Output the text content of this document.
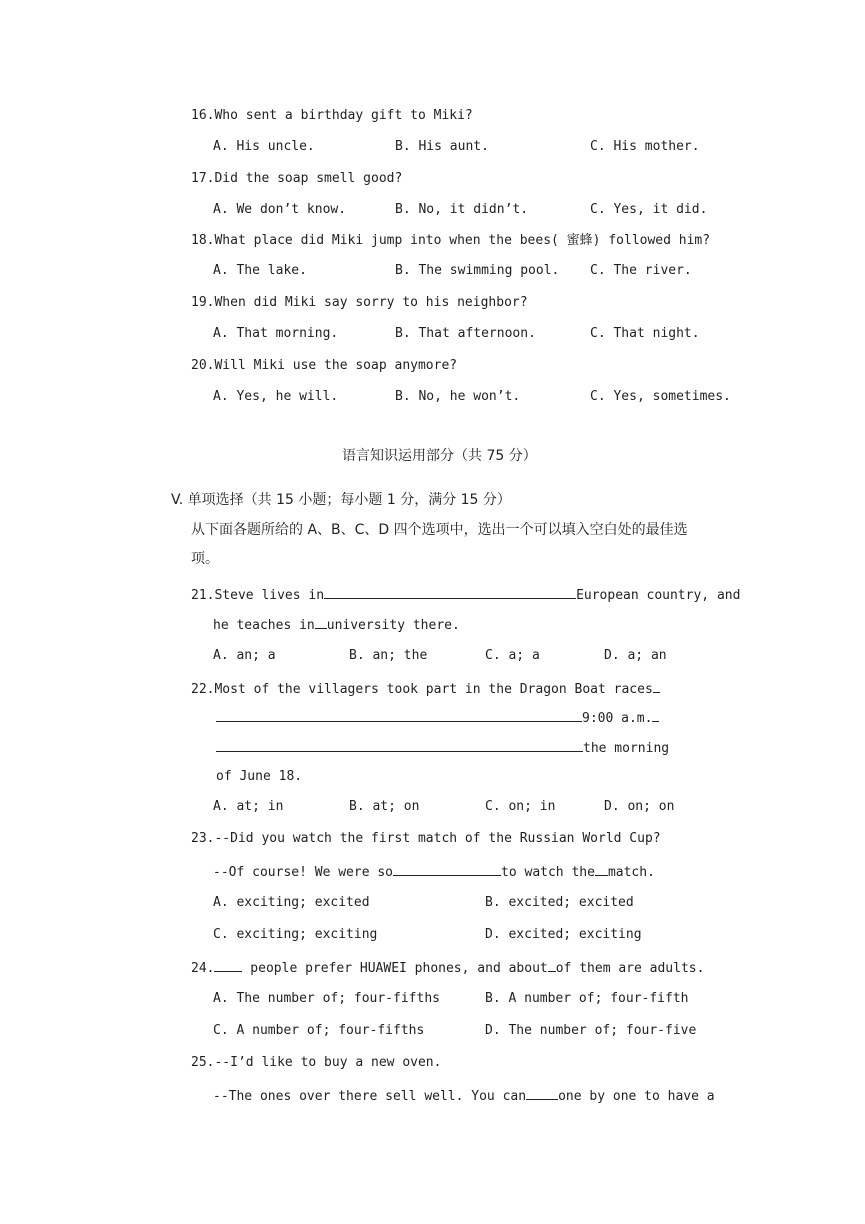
16.Who sent a birthday gift to Miki?
A. His uncle.	B. His aunt.	C. His mother.
17.Did the soap smell good?
A. We don’t know.	B. No, it didn’t.	C. Yes, it did.
18.What place did Miki jump into when the bees( 蜜蜂) followed him?
A. The lake.	B. The swimming pool. C. The river.
19.When did Miki say sorry to his neighbor?
A. That morning.	B. That afternoon.	C. That night.
20.Will Miki use the soap anymore?
A. Yes, he will.	B. No, he won’t.	C. Yes, sometimes.
语言知识运用部分（共 75 分）
V. 单项选择（共 15 小题；每小题 1 分，满分 15 分）
从下面各题所给的 A、B、C、D 四个选项中，选出一个可以填入空白处的最佳选
项。
21.Steve lives in	European country, and
he teaches in university there.
A. an; a	B. an; the	C. a; a	D. a; an
22.Most of the villagers took part in the Dragon Boat races
9:00 a.m.
the morning
of June 18.
A. at; in	B. at; on	C. on; in	D. on; on
23.--Did you watch the first match of the Russian World Cup?
--Of course! We were so	to watch the match.
A. exciting; excited	B. excited; excited
C. exciting; exciting	D. excited; exciting
24. people prefer HUAWEI phones, and about of them are adults.
A. The number of; four-fifths	B. A number of; four-fifth
C. A number of; four-fifths	D. The number of; four-five
25.--I’d like to buy a new oven.
--The ones over there sell well. You can one by one to have a
